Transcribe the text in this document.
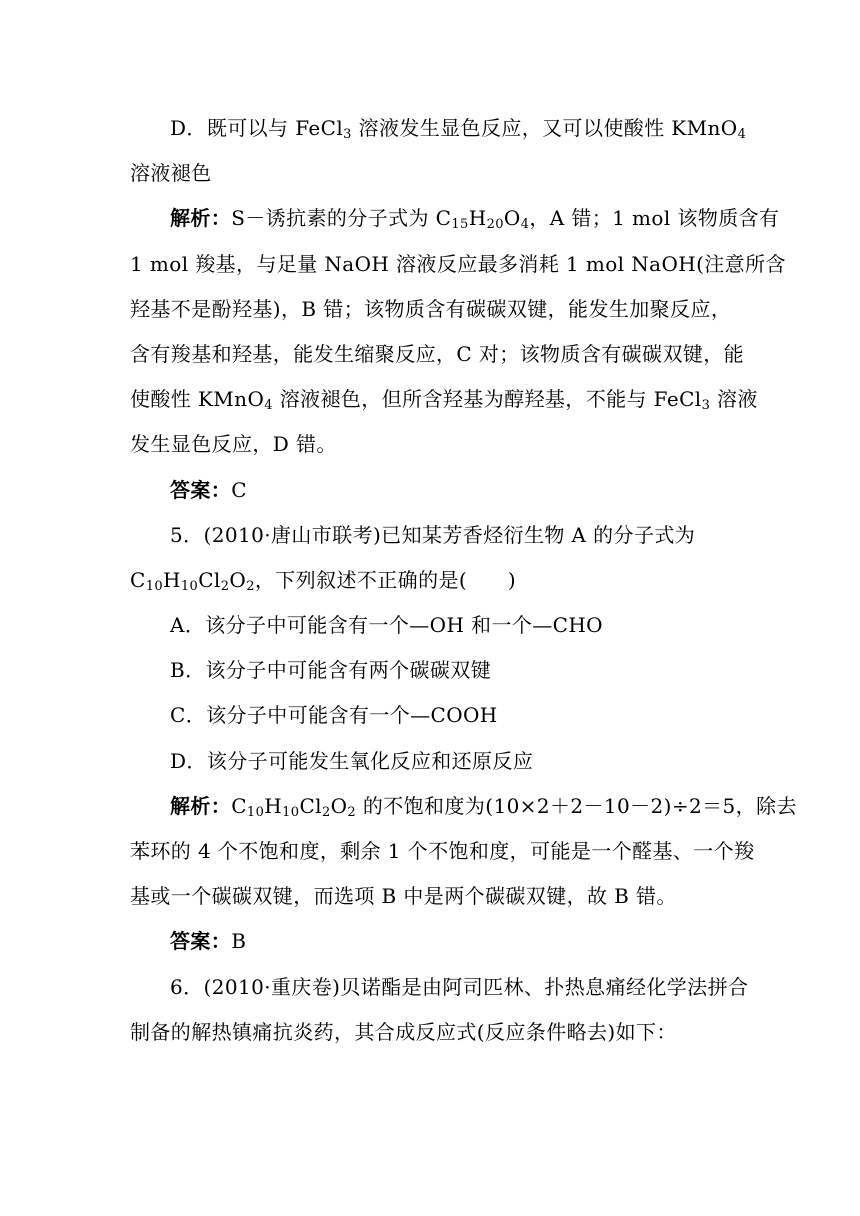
D．既可以与 FeCl$_3$ 溶液发生显色反应，又可以使酸性 KMnO$_4$
溶液褪色
解析：S－诱抗素的分子式为 $C_{15}H_{20}O_4$，A 错；1 mol 该物质含有
1 mol 羧基，与足量 NaOH 溶液反应最多消耗 1 mol NaOH(注意所含
羟基不是酚羟基)，B 错；该物质含有碳碳双键，能发生加聚反应，
含有羧基和羟基，能发生缩聚反应，C 对；该物质含有碳碳双键，能
使酸性 KMnO$_4$ 溶液褪色，但所含羟基为醇羟基，不能与 FeCl$_3$ 溶液
发生显色反应，D 错。
答案：C
5．(2010·唐山市联考)已知某芳香烃衍生物 A 的分子式为
$C_{10}H_{10}Cl_2O_2$，下列叙述不正确的是(　　)
A．该分子中可能含有一个—OH 和一个—CHO
B．该分子中可能含有两个碳碳双键
C．该分子中可能含有一个—COOH
D．该分子可能发生氧化反应和还原反应
解析：$C_{10}H_{10}Cl_2O_2$ 的不饱和度为(10×2＋2－10－2)÷2＝5，除去
苯环的 4 个不饱和度，剩余 1 个不饱和度，可能是一个醛基、一个羧
基或一个碳碳双键，而选项 B 中是两个碳碳双键，故 B 错。
答案：B
6．(2010·重庆卷)贝诺酯是由阿司匹林、扑热息痛经化学法拼合
制备的解热镇痛抗炎药，其合成反应式(反应条件略去)如下：
